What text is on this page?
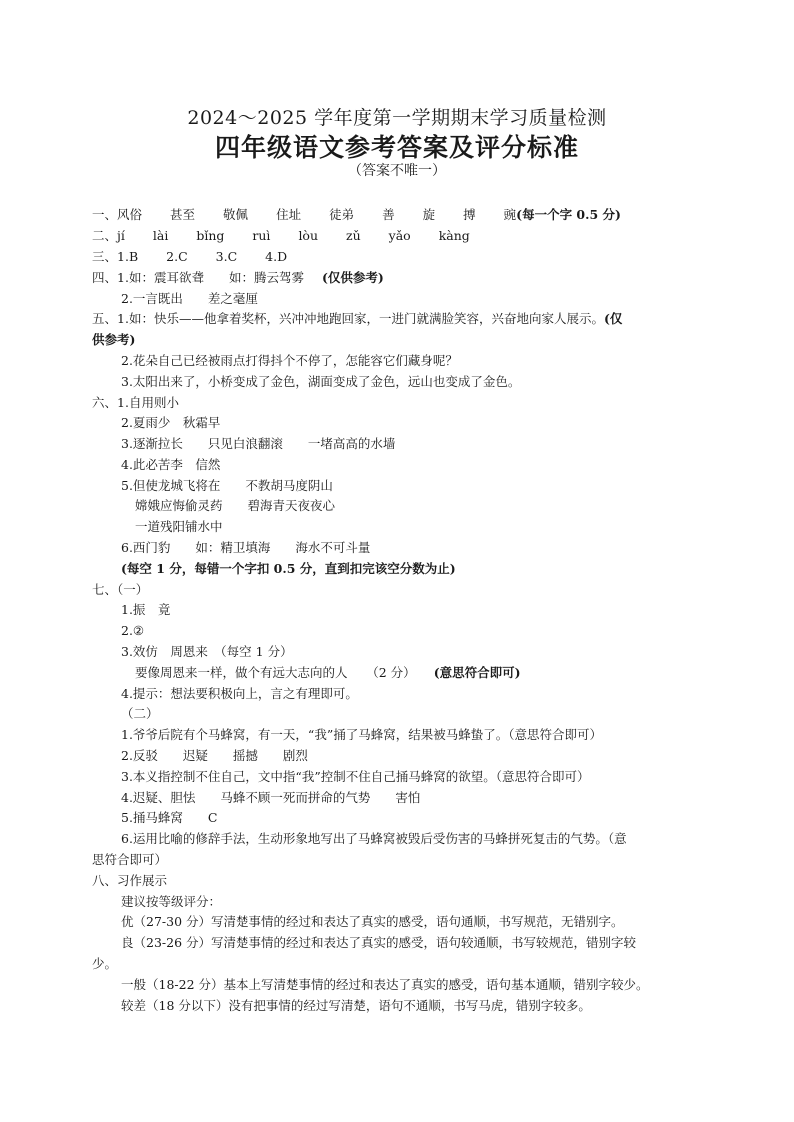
2024～2025 学年度第一学期期末学习质量检测
四年级语文参考答案及评分标准
（答案不唯一）
一、风俗 甚至 敬佩 住址 徒弟 善 旋 搏 豌(每一个字 0.5 分)
二、jí lài bǐng ruì lòu zǔ yǎo kàng
三、1.B 2.C 3.C 4.D
四、1.如：震耳欲聋　　如：腾云驾雾 (仅供参考)
2.一言既出　　差之毫厘
五、1.如：快乐——他拿着奖杯，兴冲冲地跑回家，一进门就满脸笑容，兴奋地向家人展示。(仅
供参考)
2.花朵自己已经被雨点打得抖个不停了，怎能容它们藏身呢？
3.太阳出来了，小桥变成了金色，湖面变成了金色，远山也变成了金色。
六、1.自用则小
2.夏雨少　秋霜早
3.逐渐拉长　　只见白浪翻滚　　一堵高高的水墙
4.此必苦李　信然
5.但使龙城飞将在　　不教胡马度阴山
嫦娥应悔偷灵药　　碧海青天夜夜心
一道残阳铺水中
6.西门豹　　如：精卫填海　　海水不可斗量
(每空 1 分，每错一个字扣 0.5 分，直到扣完该空分数为止)
七、（一）
1.振　竟
2.②
3.效仿　周恩来　（每空 1 分）
要像周恩来一样，做个有远大志向的人　　（2 分） (意思符合即可)
4.提示：想法要积极向上，言之有理即可。
（二）
1.爷爷后院有个马蜂窝，有一天，“我”捅了马蜂窝，结果被马蜂蛰了。（意思符合即可）
2.反驳　　迟疑　　摇撼　　剧烈
3.本义指控制不住自己，文中指“我”控制不住自己捅马蜂窝的欲望。（意思符合即可）
4.迟疑、胆怯　　马蜂不顾一死而拼命的气势　　害怕
5.捅马蜂窝　　C
6.运用比喻的修辞手法，生动形象地写出了马蜂窝被毁后受伤害的马蜂拼死复击的气势。（意
思符合即可）
八、习作展示
建议按等级评分：
优（27-30 分）写清楚事情的经过和表达了真实的感受，语句通顺，书写规范，无错别字。
良（23-26 分）写清楚事情的经过和表达了真实的感受，语句较通顺，书写较规范，错别字较
少。
一般（18-22 分）基本上写清楚事情的经过和表达了真实的感受，语句基本通顺，错别字较少。
较差（18 分以下）没有把事情的经过写清楚，语句不通顺，书写马虎，错别字较多。
